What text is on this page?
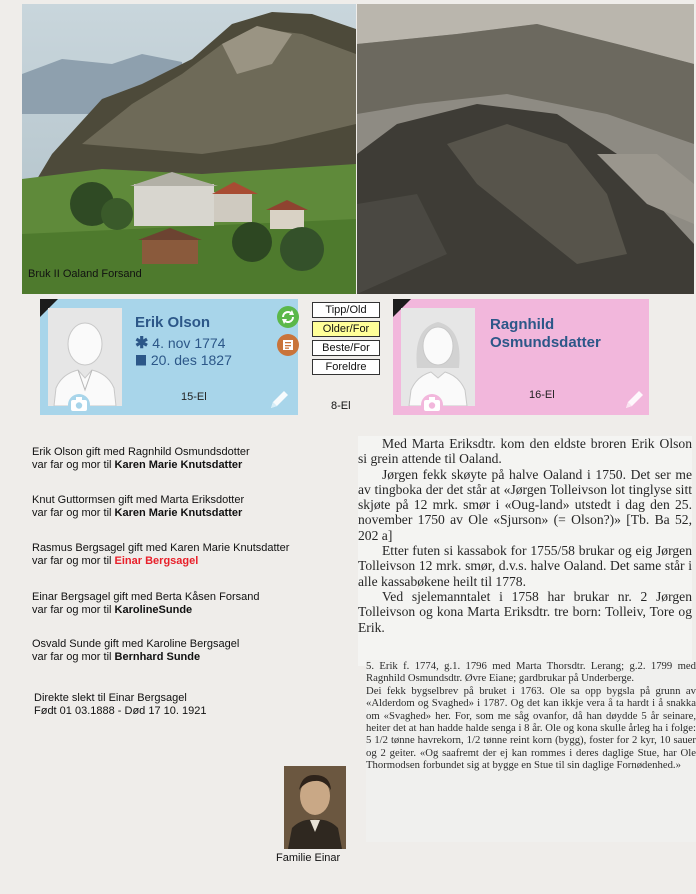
Bruk II Oaland Forsand
Erik Olson
✱ 4. nov 1774
20. des 1827
15-El
Tipp/Old
Older/For
Beste/For
Foreldre
8-El
Ragnhild
Osmundsdatter
16-El
Erik Olson gift med Ragnhild Osmundsdotter
var far og mor til Karen Marie Knutsdatter
Knut Guttormsen gift med Marta Eriksdotter
var far og mor til Karen Marie Knutsdatter
Rasmus Bergsagel gift med Karen Marie Knutsdatter
var far og mor til Einar Bergsagel
Einar Bergsagel gift med Berta Kåsen Forsand
var far og mor til KarolineSunde
Osvald Sunde gift med Karoline Bergsagel
var far og mor til Bernhard Sunde
Direkte slekt til Einar Bergsagel
Født 01 03.1888 - Død 17 10. 1921

Med Marta Eriksdtr. kom den eldste broren Erik Olson si grein attende til Oaland.

Jørgen fekk skøyte på halve Oaland i 1750. Det ser me av tingboka der det står at «Jørgen Tolleivson lot tinglyse sitt skjøte på 12 mrk. smør i «Oug-land» utstedt i dag den 25. november 1750 av Ole «Sjurson» (= Olson?)» [Tb. Ba 52, 202 a]

Etter futen si kassabok for 1755/58 brukar og eig Jørgen Tolleivson 12 mrk. smør, d.v.s. halve Oaland. Det same står i alle kassabøkene heilt til 1778.

Ved sjelemanntalet i 1758 har brukar nr. 2 Jørgen Tolleivson og kona Marta Eriksdtr. tre born: Tolleiv, Tore og Erik.

5. Erik f. 1774, g.1. 1796 med Marta Thorsdtr. Lerang; g.2. 1799 med Ragnhild Osmundsdtr. Øvre Eiane; gardbrukar på Underberge.

Dei fekk bygselbrev på bruket i 1763. Ole sa opp bygsla på grunn av «Alderdom og Svaghed» i 1787. Og det kan ikkje vera å ta hardt i å snakka om «Svaghed» her. For, som me såg ovanfor, då han døydde 5 år seinare, heiter det at han hadde halde senga i 8 år. Ole og kona skulle årleg ha i folge: 5 1/2 tønne havrekorn, 1/2 tønne reint korn (bygg), foster for 2 kyr, 10 sauer og 2 geiter. «Og saafremt der ej kan rommes i deres daglige Stue, har Ole Thormodsen forbundet sig at bygge en Stue til sin daglige Fornødenhed.»

Familie Einar
